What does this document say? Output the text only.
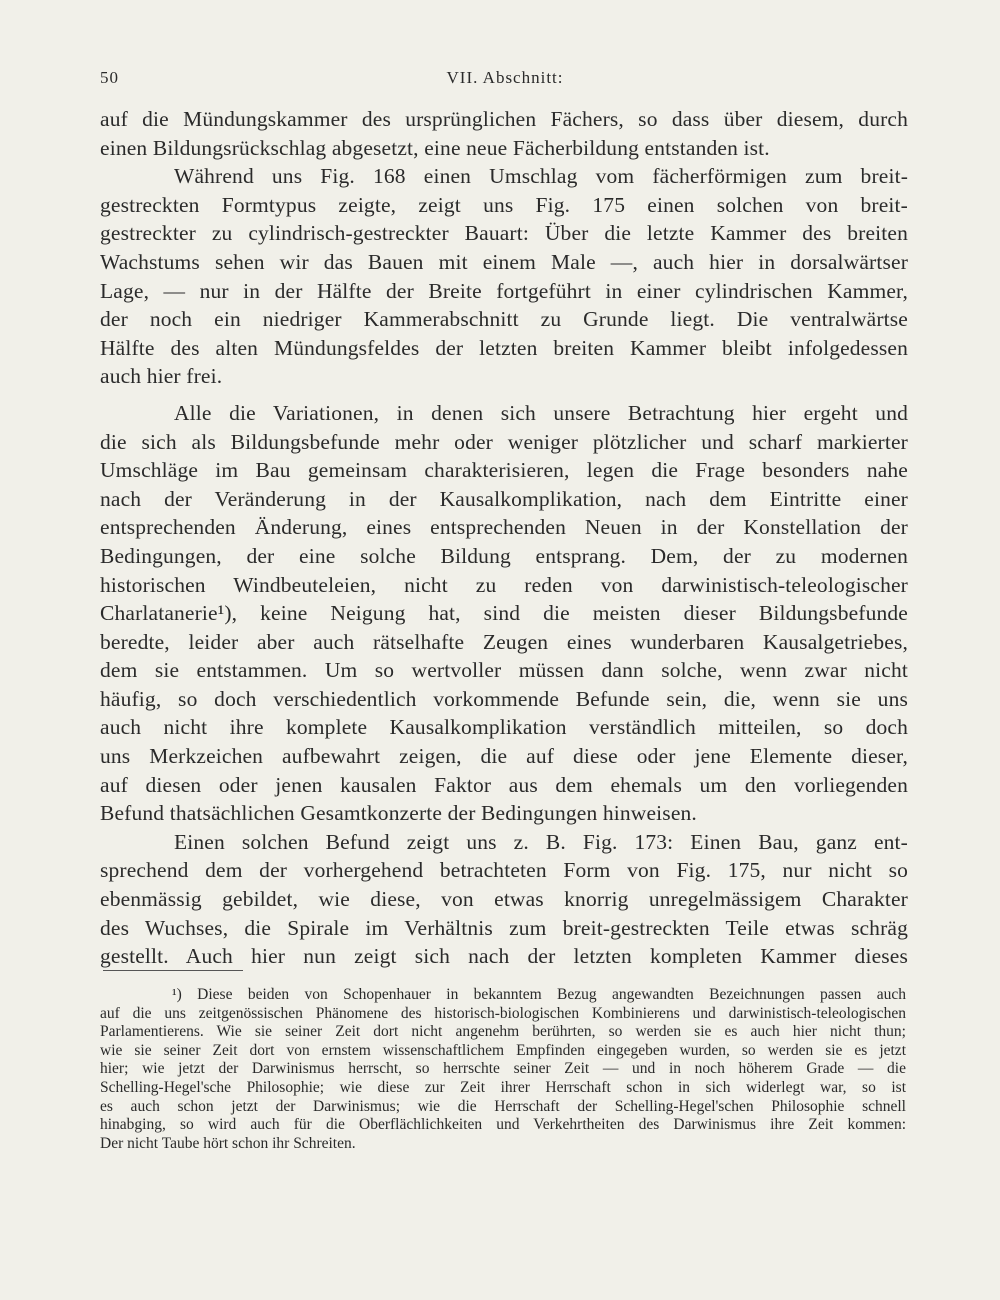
50	VII. Abschnitt:
auf die Mündungskammer des ursprünglichen Fächers, so dass über diesem, durch
einen Bildungsrückschlag abgesetzt, eine neue Fächerbildung entstanden ist.
Während uns Fig. 168 einen Umschlag vom fächerförmigen zum breit-
gestreckten Formtypus zeigte, zeigt uns Fig. 175 einen solchen von breit-
gestreckter zu cylindrisch-gestreckter Bauart: Über die letzte Kammer des breiten
Wachstums sehen wir das Bauen mit einem Male —, auch hier in dorsalwärtser
Lage, — nur in der Hälfte der Breite fortgeführt in einer cylindrischen Kammer,
der noch ein niedriger Kammerabschnitt zu Grunde liegt. Die ventralwärtse
Hälfte des alten Mündungsfeldes der letzten breiten Kammer bleibt infolgedessen
auch hier frei.
Alle die Variationen, in denen sich unsere Betrachtung hier ergeht und
die sich als Bildungsbefunde mehr oder weniger plötzlicher und scharf markierter
Umschläge im Bau gemeinsam charakterisieren, legen die Frage besonders nahe
nach der Veränderung in der Kausalkomplikation, nach dem Eintritte einer
entsprechenden Änderung, eines entsprechenden Neuen in der Konstellation der
Bedingungen, der eine solche Bildung entsprang. Dem, der zu modernen
historischen Windbeuteleien, nicht zu reden von darwinistisch-teleologischer
Charlatanerie¹), keine Neigung hat, sind die meisten dieser Bildungsbefunde
beredte, leider aber auch rätselhafte Zeugen eines wunderbaren Kausalgetriebes,
dem sie entstammen. Um so wertvoller müssen dann solche, wenn zwar nicht
häufig, so doch verschiedentlich vorkommende Befunde sein, die, wenn sie uns
auch nicht ihre komplete Kausalkomplikation verständlich mitteilen, so doch
uns Merkzeichen aufbewahrt zeigen, die auf diese oder jene Elemente dieser,
auf diesen oder jenen kausalen Faktor aus dem ehemals um den vorliegenden
Befund thatsächlichen Gesamtkonzerte der Bedingungen hinweisen.
Einen solchen Befund zeigt uns z. B. Fig. 173: Einen Bau, ganz ent-
sprechend dem der vorhergehend betrachteten Form von Fig. 175, nur nicht so
ebenmässig gebildet, wie diese, von etwas knorrig unregelmässigem Charakter
des Wuchses, die Spirale im Verhältnis zum breit-gestreckten Teile etwas schräg
gestellt. Auch hier nun zeigt sich nach der letzten kompleten Kammer dieses
¹) Diese beiden von Schopenhauer in bekanntem Bezug angewandten Bezeichnungen passen auch
auf die uns zeitgenössischen Phänomene des historisch-biologischen Kombinierens und darwinistisch-teleologischen
Parlamentierens. Wie sie seiner Zeit dort nicht angenehm berührten, so werden sie es auch hier nicht thun;
wie sie seiner Zeit dort von ernstem wissenschaftlichem Empfinden eingegeben wurden, so werden sie es jetzt
hier; wie jetzt der Darwinismus herrscht, so herrschte seiner Zeit — und in noch höherem Grade — die
Schelling-Hegel'sche Philosophie; wie diese zur Zeit ihrer Herrschaft schon in sich widerlegt war, so ist
es auch schon jetzt der Darwinismus; wie die Herrschaft der Schelling-Hegel'schen Philosophie schnell
hinabging, so wird auch für die Oberflächlichkeiten und Verkehrtheiten des Darwinismus ihre Zeit kommen:
Der nicht Taube hört schon ihr Schreiten.
